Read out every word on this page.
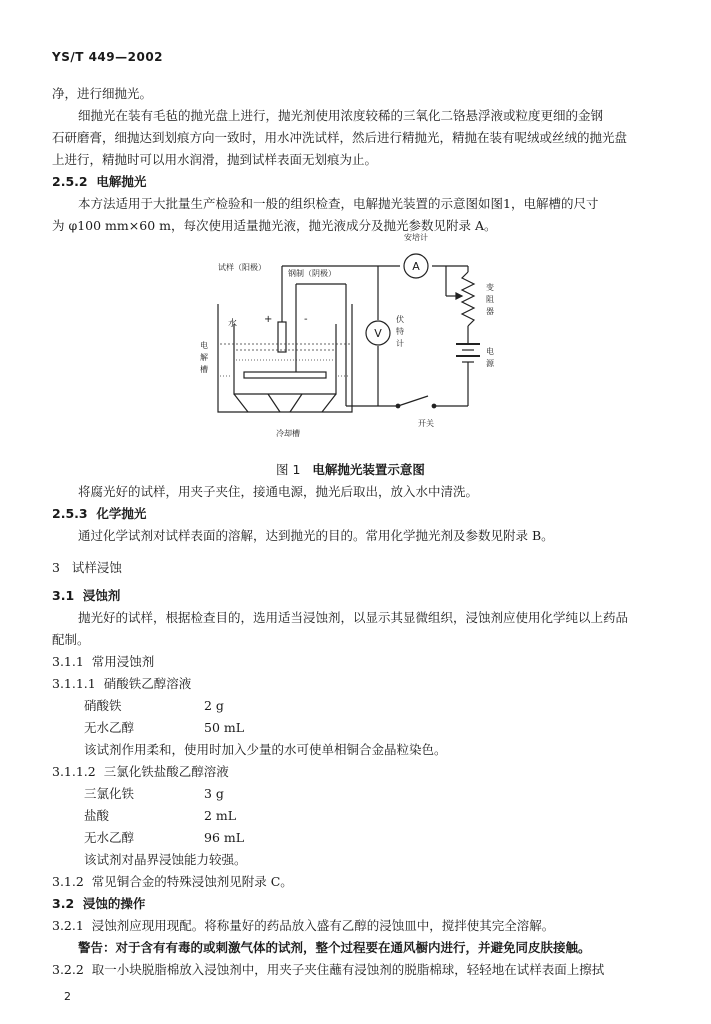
YS/T 449—2002
净，进行细抛光。
细抛光在装有毛毡的抛光盘上进行，抛光剂使用浓度较稀的三氧化二铬悬浮液或粒度更细的金钢
石研磨膏，细抛达到划痕方向一致时，用水冲洗试样，然后进行精抛光，精抛在装有呢绒或丝绒的抛光盘
上进行，精抛时可以用水润滑，抛到试样表面无划痕为止。
2.5.2 电解抛光
本方法适用于大批量生产检验和一般的组织检查，电解抛光装置的示意图如图1，电解槽的尺寸
为 φ100 mm×60 m，每次使用适量抛光液，抛光液成分及抛光参数见附录 A。
A
V
安培计
试样（阳极）
钢制（阴极）
变
阻
器
伏
特
计
电
解
槽
电
源
水	+	-
开关
冷却槽
图 1 电解抛光装置示意图
将腐光好的试样，用夹子夹住，接通电源，抛光后取出，放入水中清洗。
2.5.3 化学抛光
通过化学试剂对试样表面的溶解，达到抛光的目的。常用化学抛光剂及参数见附录 B。
3 试样浸蚀
3.1 浸蚀剂
抛光好的试样，根据检查目的，选用适当浸蚀剂，以显示其显微组织，浸蚀剂应使用化学纯以上药品
配制。
3.1.1 常用浸蚀剂
3.1.1.1 硝酸铁乙醇溶液
硝酸铁	2 g
无水乙醇	50 mL
该试剂作用柔和，使用时加入少量的水可使单相铜合金晶粒染色。
3.1.1.2 三氯化铁盐酸乙醇溶液
三氯化铁	3 g
盐酸	2 mL
无水乙醇	96 mL
该试剂对晶界浸蚀能力较强。
3.1.2 常见铜合金的特殊浸蚀剂见附录 C。
3.2 浸蚀的操作
3.2.1 浸蚀剂应现用现配。将称量好的药品放入盛有乙醇的浸蚀皿中，搅拌使其完全溶解。
警告：对于含有有毒的或刺激气体的试剂，整个过程要在通风橱内进行，并避免同皮肤接触。
3.2.2 取一小块脱脂棉放入浸蚀剂中，用夹子夹住蘸有浸蚀剂的脱脂棉球，轻轻地在试样表面上擦拭
2
